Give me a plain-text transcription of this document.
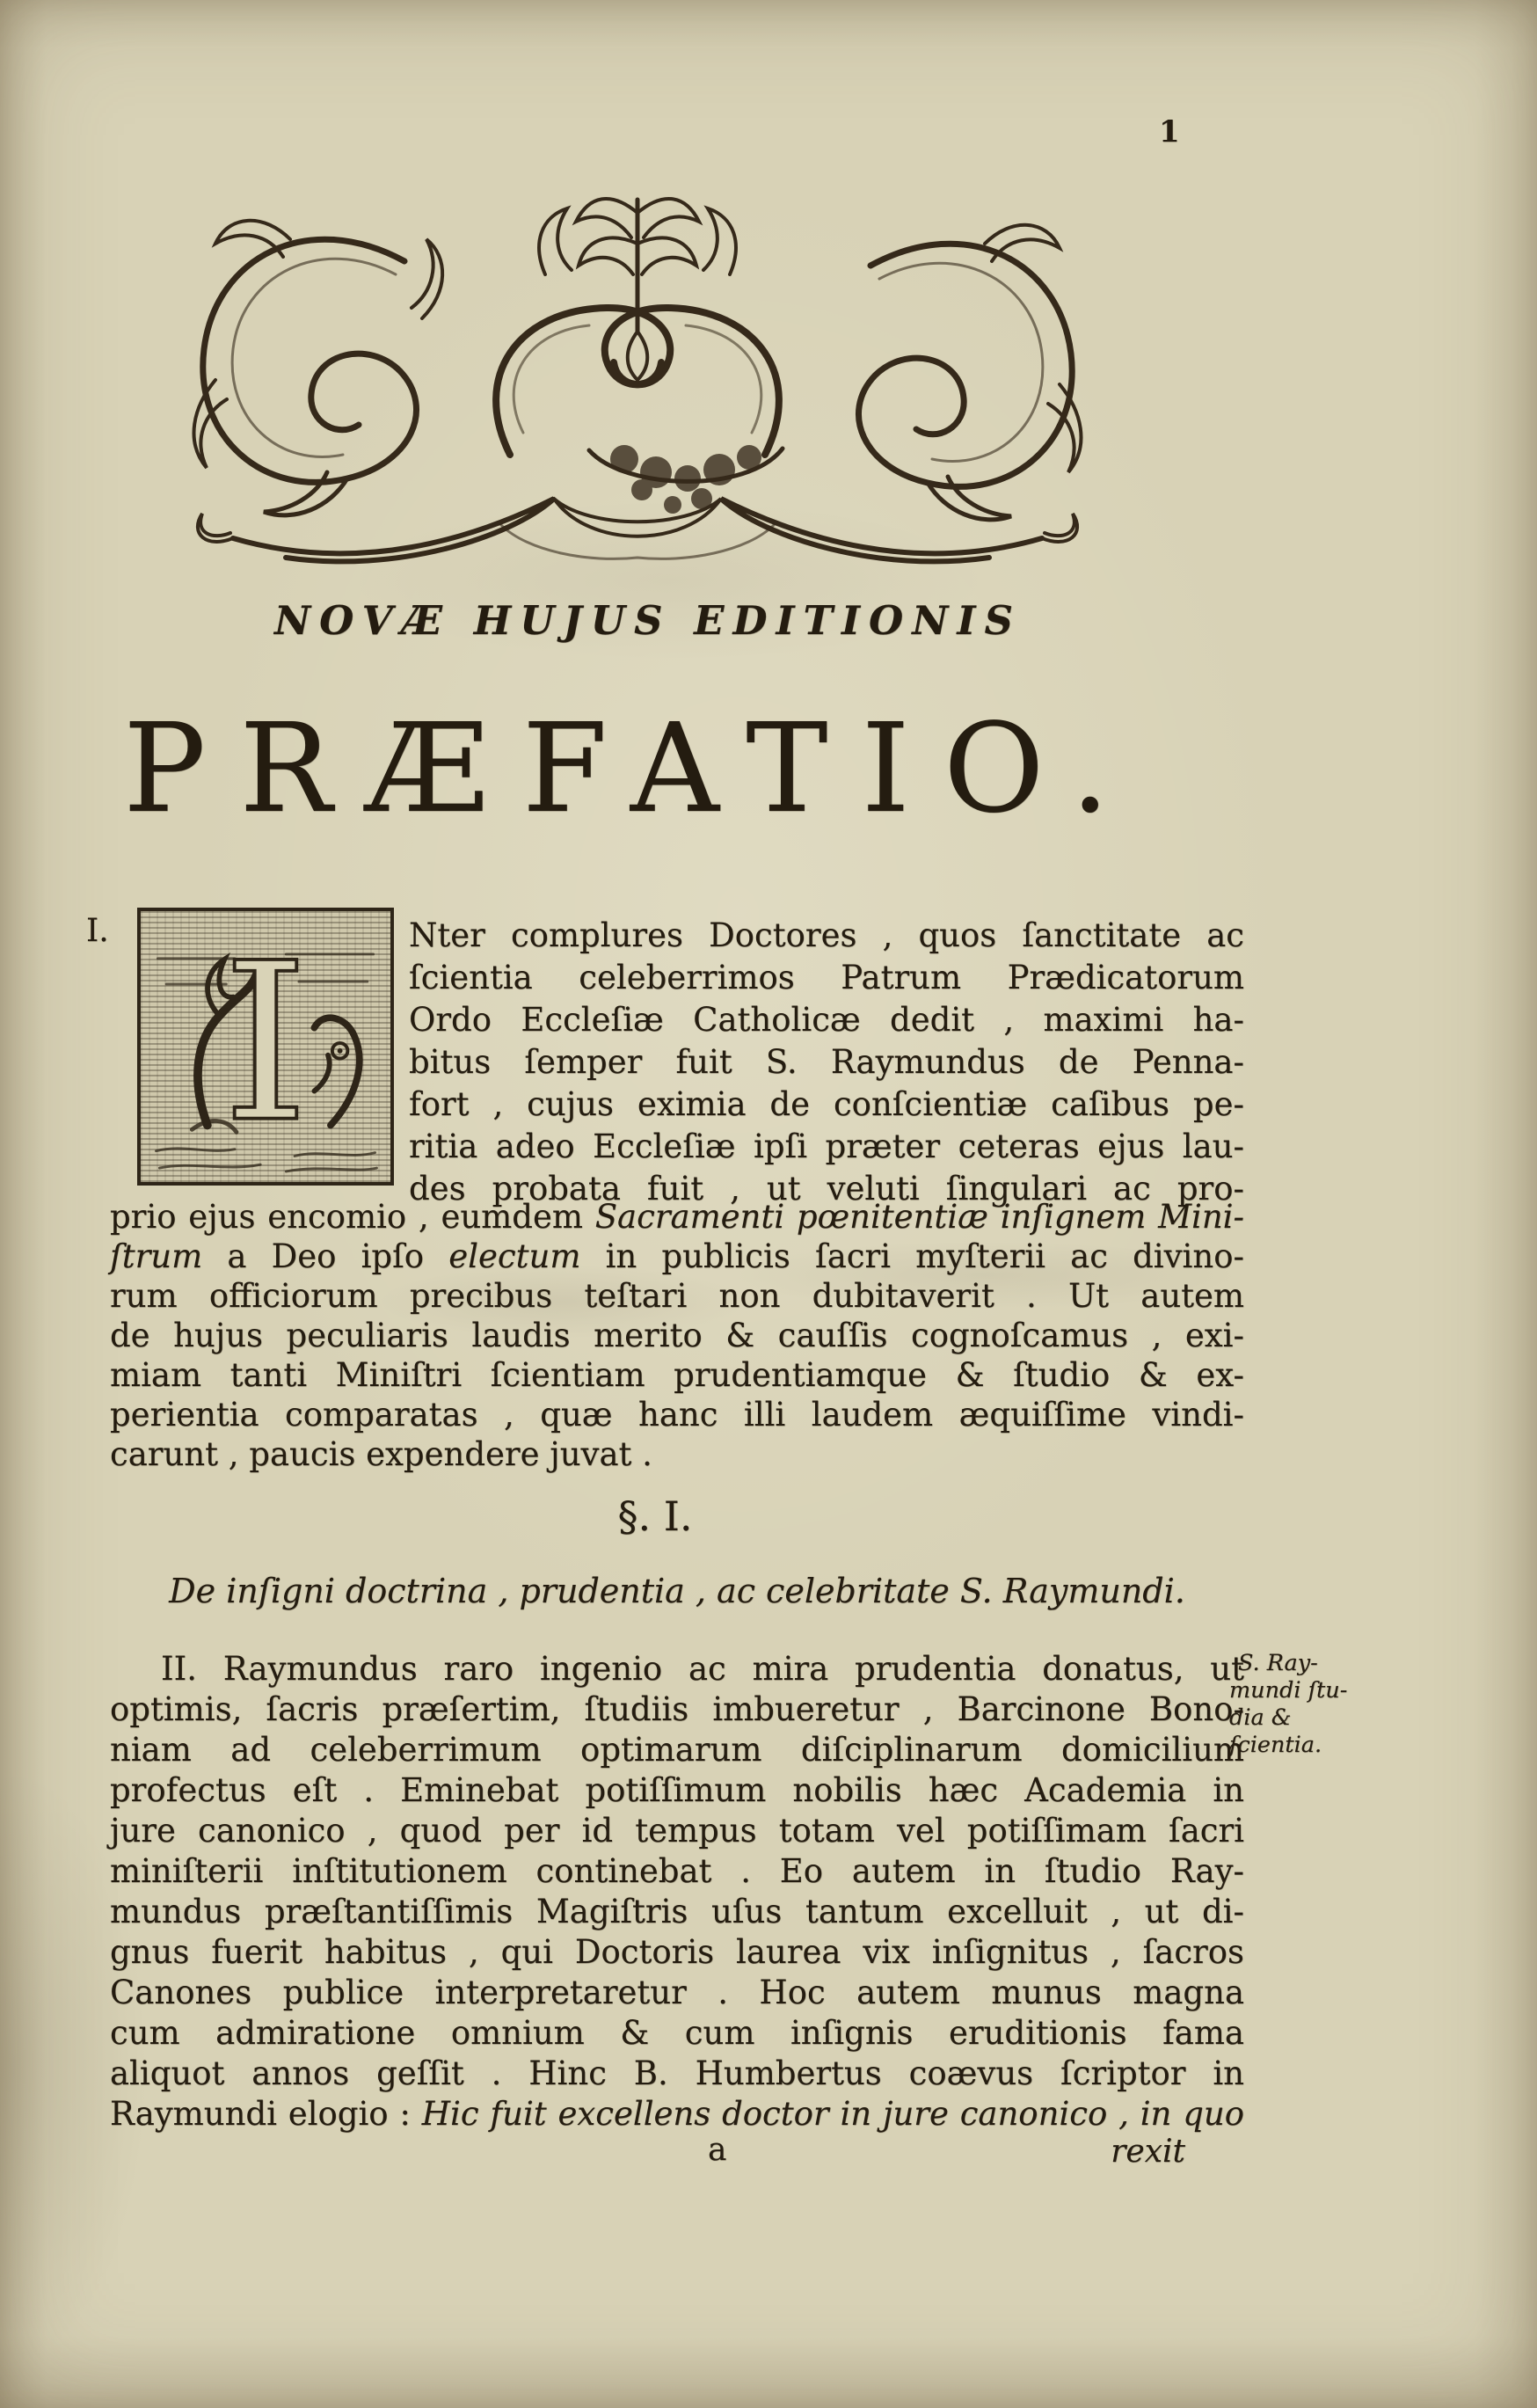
1
NOVÆ HUJUS EDITIONIS
PRÆFATIO.
I. I	Nter complures Doctores , quos ſanctitate ac
ſcientia celeberrimos Patrum Prædicatorum
Ordo Eccleſiæ Catholicæ dedit , maximi ha-
bitus ſemper fuit S. Raymundus de Penna-
fort , cujus eximia de conſcientiæ caſibus pe-
ritia adeo Eccleſiæ ipſi præter ceteras ejus lau-
des probata fuit , ut veluti ſingulari ac pro-
prio ejus encomio , eumdem Sacramenti pœnitentiæ inſignem Mini-
ſtrum a Deo ipſo electum in publicis ſacri myſterii ac divino-
rum officiorum precibus teſtari non dubitaverit . Ut autem
de hujus peculiaris laudis merito & cauſſis cognoſcamus , exi-
miam tanti Miniſtri ſcientiam prudentiamque & ſtudio & ex-
perientia comparatas , quæ hanc illi laudem æquiſſime vindi-
carunt , paucis expendere juvat .
§. I.
De inſigni doctrina , prudentia , ac celebritate S. Raymundi.
II. Raymundus raro ingenio ac mira prudentia donatus, ut
optimis, ſacris præſertim, ſtudiis imbueretur , Barcinone Bono-
niam ad celeberrimum optimarum diſciplinarum domicilium
profectus eſt . Eminebat potiſſimum nobilis hæc Academia in
jure canonico , quod per id tempus totam vel potiſſimam ſacri
miniſterii inſtitutionem continebat . Eo autem in ſtudio Ray-
mundus præſtantiſſimis Magiſtris uſus tantum excelluit , ut di-
gnus fuerit habitus , qui Doctoris laurea vix inſignitus , ſacros
Canones publice interpretaretur . Hoc autem munus magna
cum admiratione omnium & cum inſignis eruditionis fama
aliquot annos geſſit . Hinc B. Humbertus coævus ſcriptor in
Raymundi elogio : Hic fuit excellens doctor in jure canonico , in quo
S. Ray-
mundi ſtu-
dia &
ſcientia.
a	rexit
